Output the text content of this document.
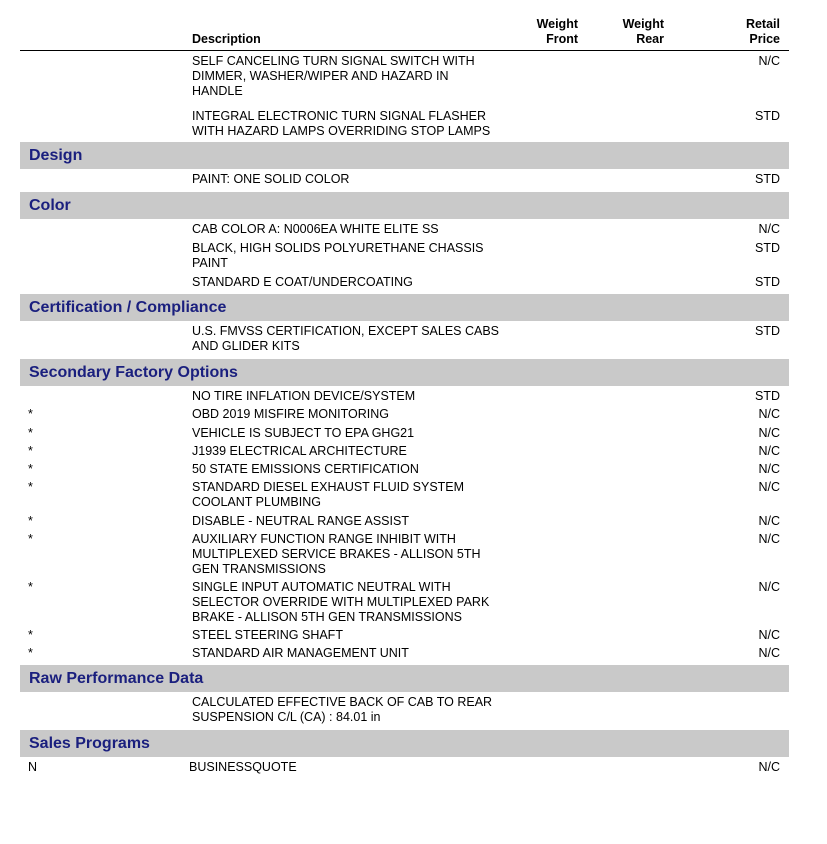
Description
Weight
Front
Weight
Rear
Retail
Price
SELF CANCELING TURN SIGNAL SWITCH WITH DIMMER, WASHER/WIPER AND HAZARD IN HANDLE
N/C
INTEGRAL ELECTRONIC TURN SIGNAL FLASHER WITH HAZARD LAMPS OVERRIDING STOP LAMPS
STD
Design
PAINT: ONE SOLID COLOR	STD
Color
CAB COLOR A: N0006EA WHITE ELITE SS	N/C
BLACK, HIGH SOLIDS POLYURETHANE CHASSIS PAINT
STD
STANDARD E COAT/UNDERCOATING	STD
Certification / Compliance
U.S. FMVSS CERTIFICATION, EXCEPT SALES CABS AND GLIDER KITS
STD
Secondary Factory Options
NO TIRE INFLATION DEVICE/SYSTEM	STD
*	OBD 2019 MISFIRE MONITORING	N/C
*	VEHICLE IS SUBJECT TO EPA GHG21	N/C
*	J1939 ELECTRICAL ARCHITECTURE	N/C
*	50 STATE EMISSIONS CERTIFICATION	N/C
*	STANDARD DIESEL EXHAUST FLUID SYSTEM COOLANT PLUMBING
N/C
*	DISABLE - NEUTRAL RANGE ASSIST	N/C
*	AUXILIARY FUNCTION RANGE INHIBIT WITH MULTIPLEXED SERVICE BRAKES - ALLISON 5TH GEN TRANSMISSIONS
N/C
*	SINGLE INPUT AUTOMATIC NEUTRAL WITH SELECTOR OVERRIDE WITH MULTIPLEXED PARK BRAKE - ALLISON 5TH GEN TRANSMISSIONS
N/C
*	STEEL STEERING SHAFT	N/C
*	STANDARD AIR MANAGEMENT UNIT	N/C
Raw Performance Data
CALCULATED EFFECTIVE BACK OF CAB TO REAR SUSPENSION C/L (CA) : 84.01 in
Sales Programs
N	BUSINESSQUOTE	N/C
